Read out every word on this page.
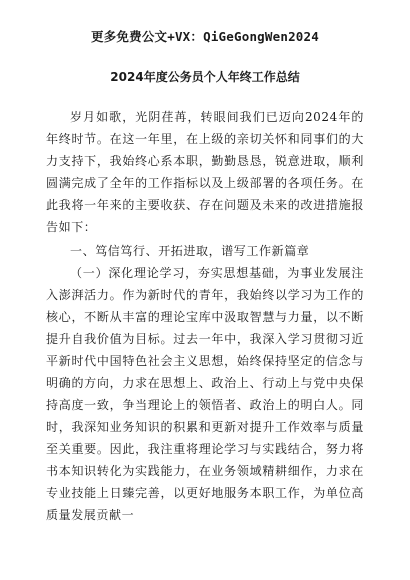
更多免费公文+VX：QiGeGongWen2024
2024年度公务员个人年终工作总结

岁月如歌，光阴荏苒，转眼间我们已迈向2024年的年终时节。在这一年里，在上级的亲切关怀和同事们的大力支持下，我始终心系本职，勤勤恳恳，锐意进取，顺利圆满完成了全年的工作指标以及上级部署的各项任务。在此我将一年来的主要收获、存在问题及未来的改进措施报告如下：

一、笃信笃行、开拓进取，谱写工作新篇章

（一）深化理论学习，夯实思想基础，为事业发展注入澎湃活力。作为新时代的青年，我始终以学习为工作的核心，不断从丰富的理论宝库中汲取智慧与力量，以不断提升自我价值为目标。过去一年中，我深入学习贯彻习近平新时代中国特色社会主义思想，始终保持坚定的信念与明确的方向，力求在思想上、政治上、行动上与党中央保持高度一致，争当理论上的领悟者、政治上的明白人。同时，我深知业务知识的积累和更新对提升工作效率与质量至关重要。因此，我注重将理论学习与实践结合，努力将书本知识转化为实践能力，在业务领域精耕细作，力求在专业技能上日臻完善，以更好地服务本职工作，为单位高质量发展贡献一
